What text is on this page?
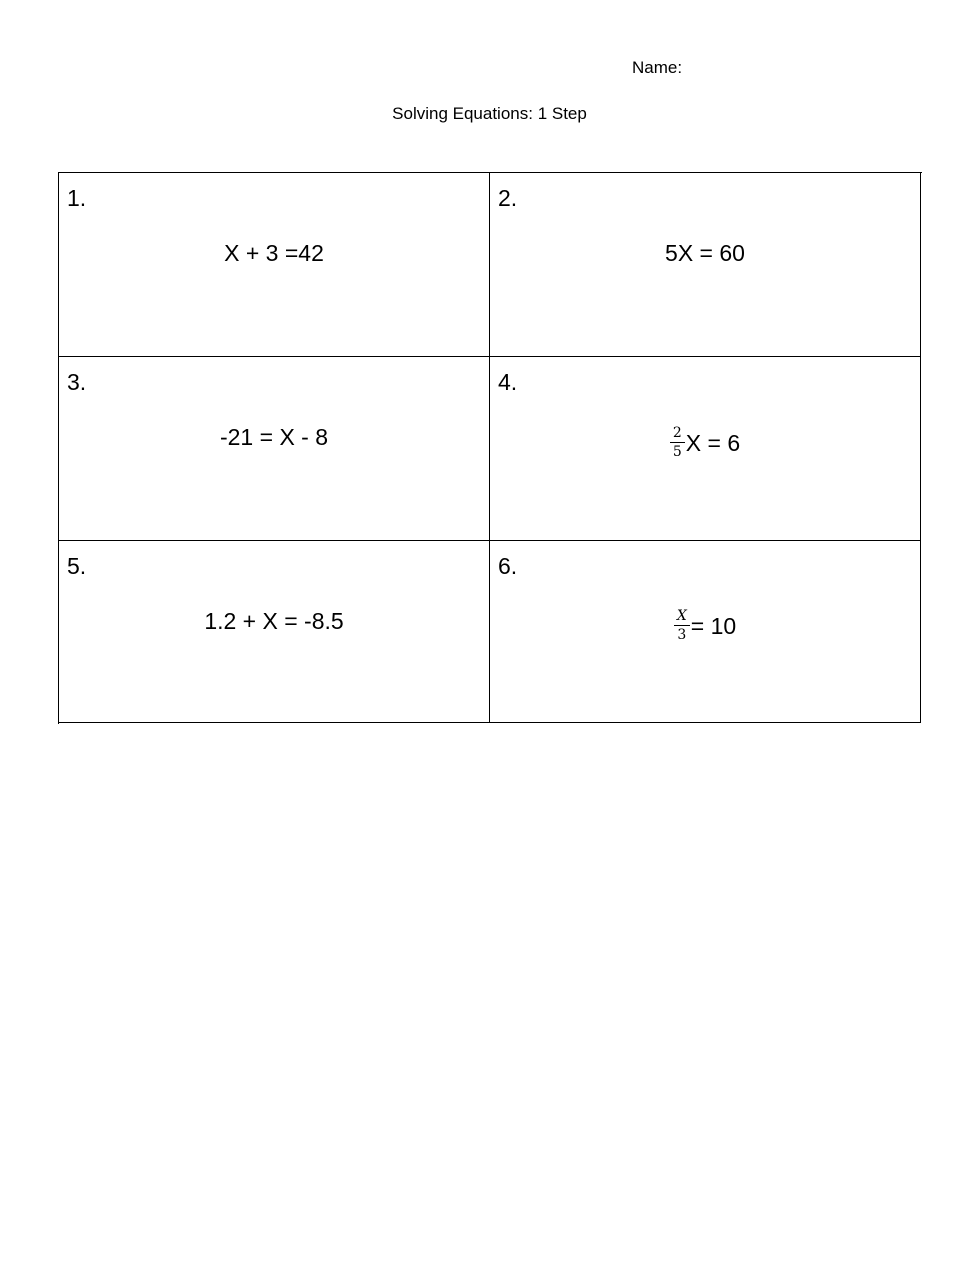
Name:
Solving Equations: 1 Step
1.
X + 3 =42
2.
5X = 60
3.
-21 = X - 8
4.
$\frac{2}{5}$ X = 6
5.
1.2 + X = -8.5
6.
$\frac{X}{3} = 10$
